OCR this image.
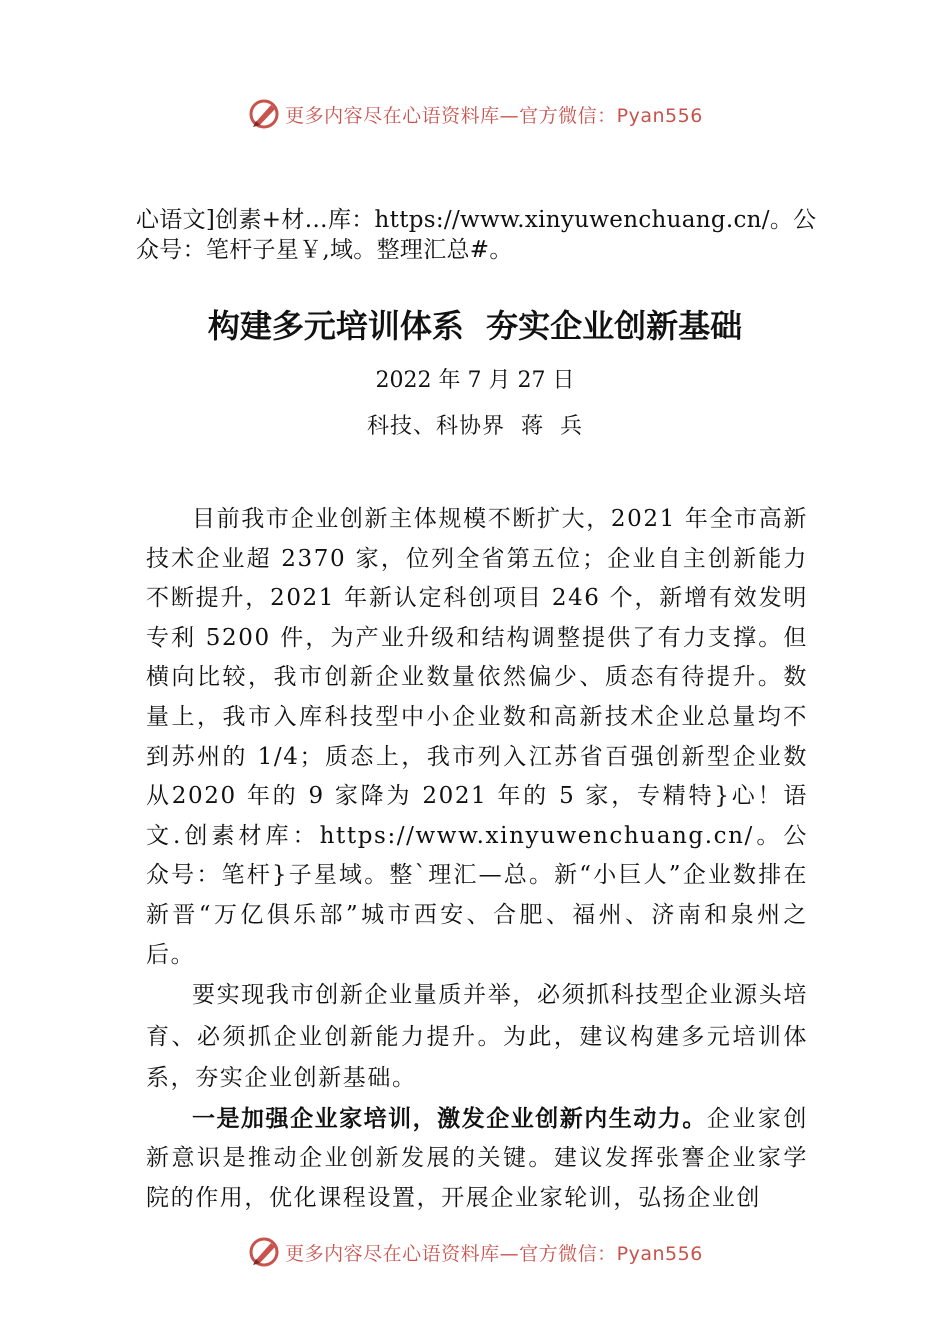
更多内容尽在心语资料库—官方微信：Pyan556
心语文]创素+材…库：https://www.xinyuwenchuang.cn/。公众号：笔杆子星￥,域。整理汇总#。
构建多元培训体系  夯实企业创新基础
2022 年 7 月 27 日
科技、科协界  蒋  兵

目前我市企业创新主体规模不断扩大，2021 年全市高新技术企业超 2370 家，位列全省第五位；企业自主创新能力不断提升，2021 年新认定科创项目 246 个，新增有效发明专利 5200 件，为产业升级和结构调整提供了有力支撑。但横向比较，我市创新企业数量依然偏少、质态有待提升。数量上，我市入库科技型中小企业数和高新技术企业总量均不到苏州的 1/4；质态上，我市列入江苏省百强创新型企业数从2020 年的 9 家降为 2021 年的 5 家，专精特}心！语文.创素材库：https://www.xinyuwenchuang.cn/。公众号：笔杆}子星域。整`理汇—总。新“小巨人”企业数排在新晋“万亿俱乐部”城市西安、合肥、福州、济南和泉州之后。

要实现我市创新企业量质并举，必须抓科技型企业源头培育、必须抓企业创新能力提升。为此，建议构建多元培训体系，夯实企业创新基础。

一是加强企业家培训，激发企业创新内生动力。企业家创新意识是推动企业创新发展的关键。建议发挥张謇企业家学院的作用，优化课程设置，开展企业家轮训，弘扬企业创

更多内容尽在心语资料库—官方微信：Pyan556
